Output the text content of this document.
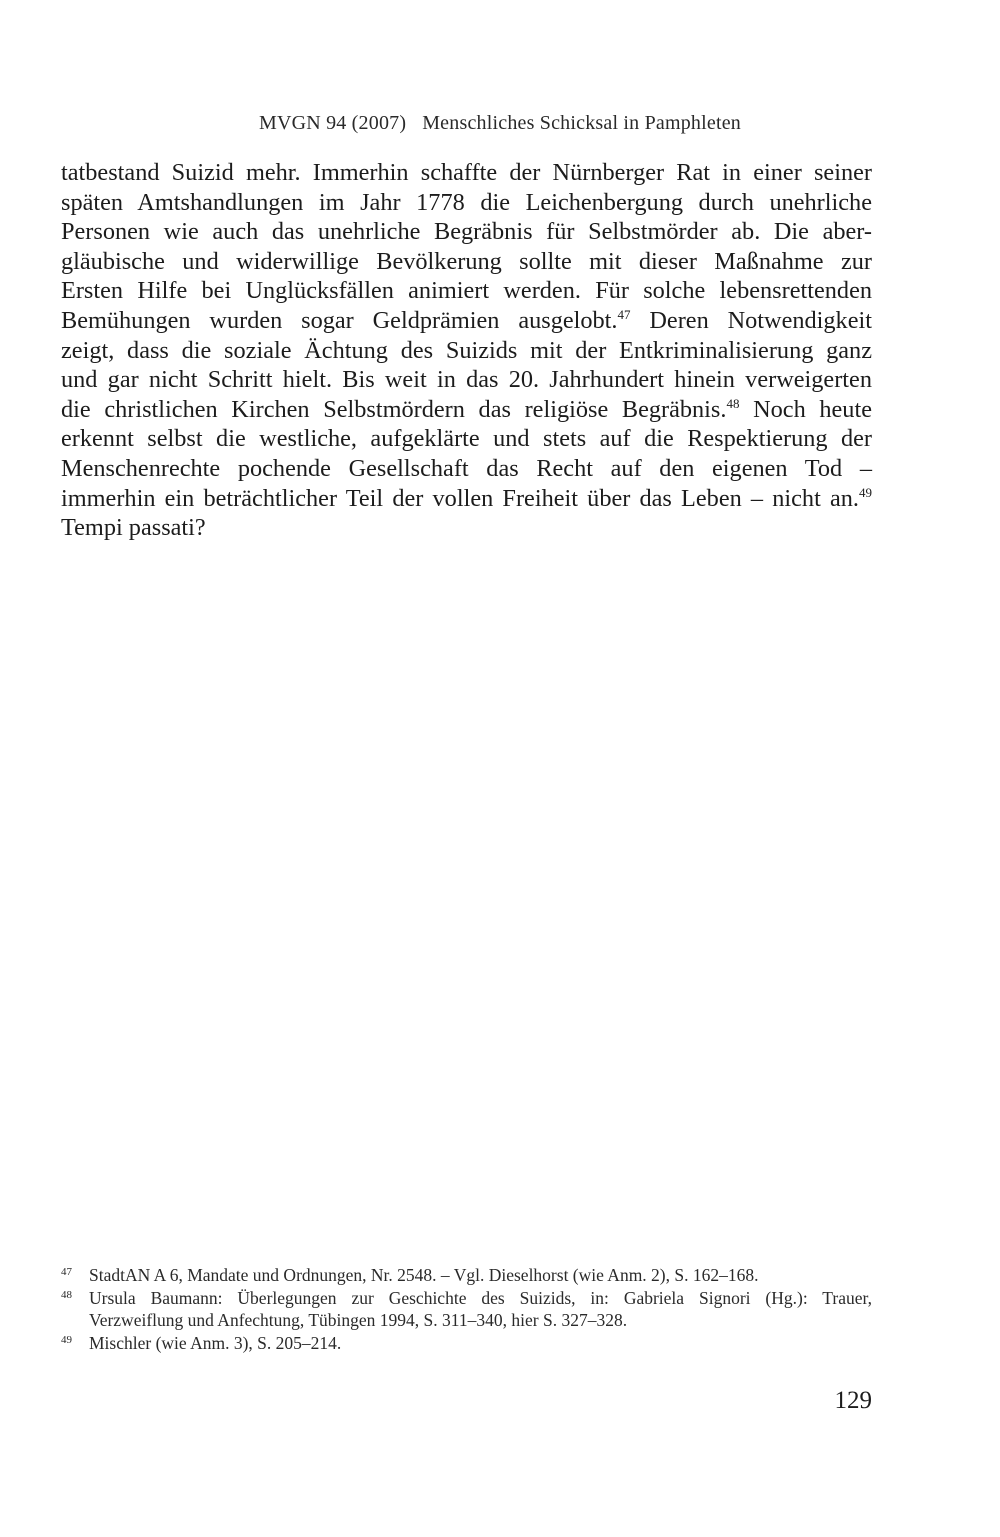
MVGN 94 (2007) Menschliches Schicksal in Pamphleten
tatbestand Suizid mehr. Immerhin schaffte der Nürnberger Rat in einer seiner
späten Amtshandlungen im Jahr 1778 die Leichenbergung durch unehrliche
Personen wie auch das unehrliche Begräbnis für Selbstmörder ab. Die aber-
gläubische und widerwillige Bevölkerung sollte mit dieser Maßnahme zur
Ersten Hilfe bei Unglücksfällen animiert werden. Für solche lebensrettenden
Bemühungen wurden sogar Geldprämien ausgelobt.$^{47}$ Deren Notwendigkeit
zeigt, dass die soziale Ächtung des Suizids mit der Entkriminalisierung ganz
und gar nicht Schritt hielt. Bis weit in das 20. Jahrhundert hinein verweigerten
die christlichen Kirchen Selbstmördern das religiöse Begräbnis.$^{48}$ Noch heute
erkennt selbst die westliche, aufgeklärte und stets auf die Respektierung der
Menschenrechte pochende Gesellschaft das Recht auf den eigenen Tod –
immerhin ein beträchtlicher Teil der vollen Freiheit über das Leben – nicht an.$^{49}$
Tempi passati?
47 StadtAN A 6, Mandate und Ordnungen, Nr. 2548. – Vgl. Dieselhorst (wie Anm. 2), S. 162–168.
48 Ursula Baumann: Überlegungen zur Geschichte des Suizids, in: Gabriela Signori (Hg.): Trauer,
Verzweiflung und Anfechtung, Tübingen 1994, S. 311–340, hier S. 327–328.
49 Mischler (wie Anm. 3), S. 205–214.
129
